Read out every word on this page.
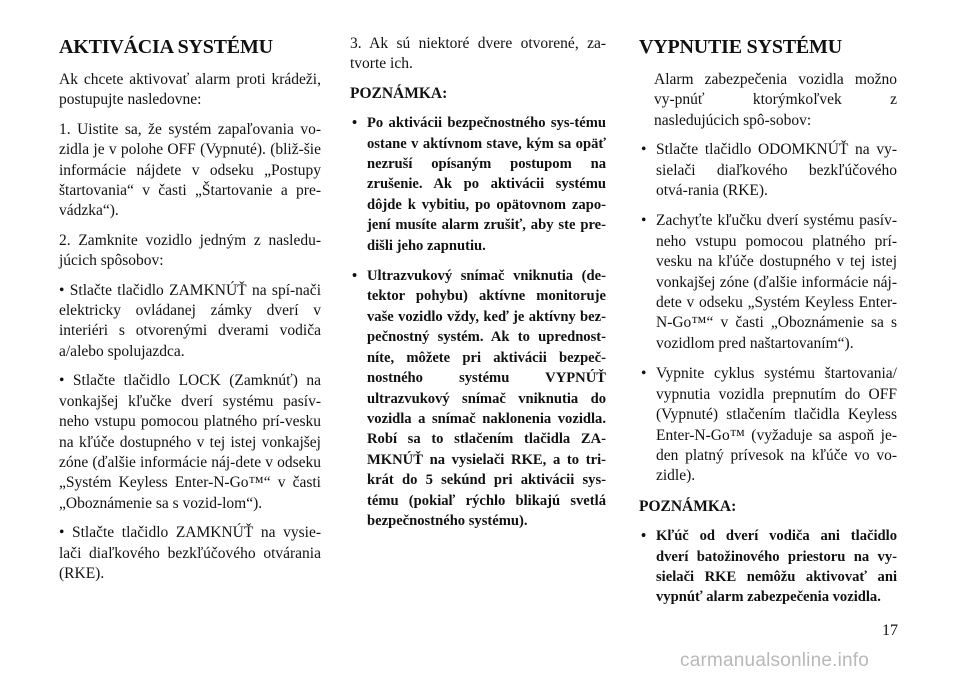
AKTIVÁCIA SYSTÉMU

Ak chcete aktivovať alarm proti krádeži, postupujte nasledovne:

1. Uistite sa, že systém zapaľovania vo-zidla je v polohe OFF (Vypnuté). (bliž-šie informácie nájdete v odseku „Postupy štartovania“ v časti „Štartovanie a pre-vádzka“).

2. Zamknite vozidlo jedným z nasledu-júcich spôsobov:

• Stlačte tlačidlo ZAMKNÚŤ na spí-nači elektricky ovládanej zámky dverí v interiéri s otvorenými dverami vodiča a/alebo spolujazdca.

• Stlačte tlačidlo LOCK (Zamknúť) na vonkajšej kľučke dverí systému pasív-neho vstupu pomocou platného prí-vesku na kľúče dostupného v tej istej vonkajšej zóne (ďalšie informácie náj-dete v odseku „Systém Keyless Enter-N-Go™“ v časti „Oboznámenie sa s vozid-lom“).

• Stlačte tlačidlo ZAMKNÚŤ na vysie-lači diaľkového bezkľúčového otvárania (RKE).

3. Ak sú niektoré dvere otvorené, za-tvorte ich.

POZNÁMKA:
• Po aktivácii bezpečnostného sys-tému ostane v aktívnom stave, kým sa opäť nezruší opísaným postupom na zrušenie. Ak po aktivácii systému dôjde k vybitiu, po opätovnom zapo-jení musíte alarm zrušiť, aby ste pre-dišli jeho zapnutiu.
• Ultrazvukový snímač vniknutia (de-tektor pohybu) aktívne monitoruje vaše vozidlo vždy, keď je aktívny bez-pečnostný systém. Ak to uprednost-níte, môžete pri aktivácii bezpeč-nostného systému VYPNÚŤ ultrazvukový snímač vniknutia do vozidla a snímač naklonenia vozidla. Robí sa to stlačením tlačidla ZA-MKNÚŤ na vysielači RKE, a to tri-krát do 5 sekúnd pri aktivácii sys-tému (pokiaľ rýchlo blikajú svetlá bezpečnostného systému).
VYPNUTIE SYSTÉMU

Alarm zabezpečenia vozidla možno vy-pnúť ktorýmkoľvek z nasledujúcich spô-sobov:

• Stlačte tlačidlo ODOMKNÚŤ na vy-sielači diaľkového bezkľúčového otvá-rania (RKE).
• Zachyťte kľučku dverí systému pasív-neho vstupu pomocou platného prí-vesku na kľúče dostupného v tej istej vonkajšej zóne (ďalšie informácie náj-dete v odseku „Systém Keyless Enter-N-Go™“ v časti „Oboznámenie sa s vozidlom pred naštartovaním“).
• Vypnite cyklus systému štartovania/ vypnutia vozidla prepnutím do OFF (Vypnuté) stlačením tlačidla Keyless Enter-N-Go™ (vyžaduje sa aspoň je-den platný prívesok na kľúče vo vo-zidle).
POZNÁMKA:
• Kľúč od dverí vodiča ani tlačidlo dverí batožinového priestoru na vy-sielači RKE nemôžu aktivovať ani vypnúť alarm zabezpečenia vozidla.
17
carmanualsonline.info
